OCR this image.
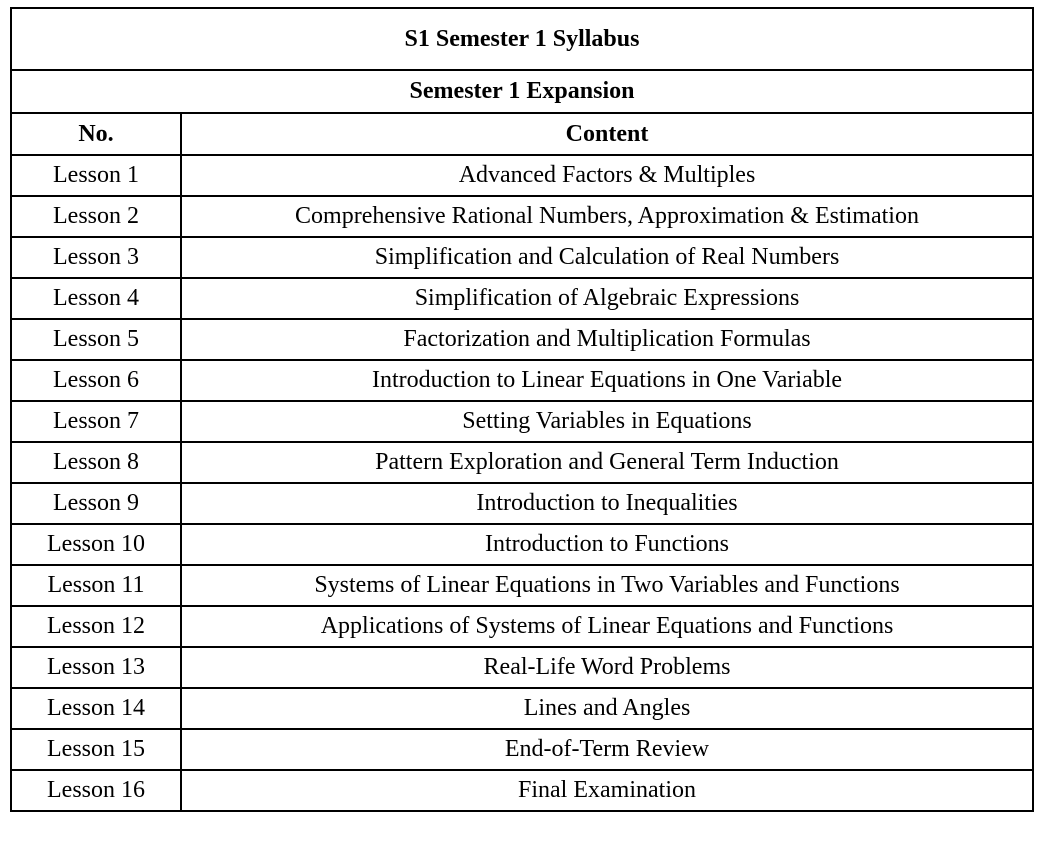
S1 Semester 1 Syllabus	
Semester 1 Expansion	
No.	Content
Lesson 1	Advanced Factors & Multiples
Lesson 2	Comprehensive Rational Numbers, Approximation & Estimation
Lesson 3	Simplification and Calculation of Real Numbers
Lesson 4	Simplification of Algebraic Expressions
Lesson 5	Factorization and Multiplication Formulas
Lesson 6	Introduction to Linear Equations in One Variable
Lesson 7	Setting Variables in Equations
Lesson 8	Pattern Exploration and General Term Induction
Lesson 9	Introduction to Inequalities
Lesson 10	Introduction to Functions
Lesson 11	Systems of Linear Equations in Two Variables and Functions
Lesson 12	Applications of Systems of Linear Equations and Functions
Lesson 13	Real-Life Word Problems
Lesson 14	Lines and Angles
Lesson 15	End-of-Term Review
Lesson 16	Final Examination
